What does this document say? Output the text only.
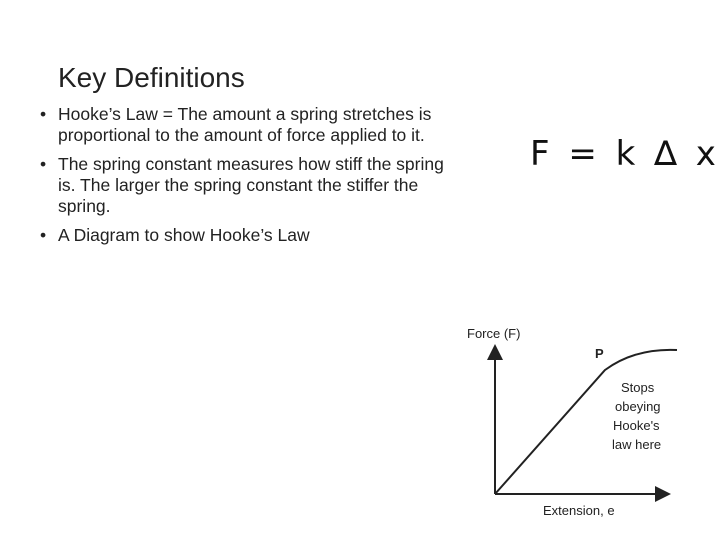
Key Definitions
• Hooke’s Law = The amount a spring stretches is proportional to the amount of force applied to it.
• The spring constant measures how stiff the spring is. The larger the spring constant the stiffer the spring.
• A Diagram to show Hooke’s Law
F = k ∆ x
Force (F)
P
Stops
obeying
Hooke's
law here
Extension, e
